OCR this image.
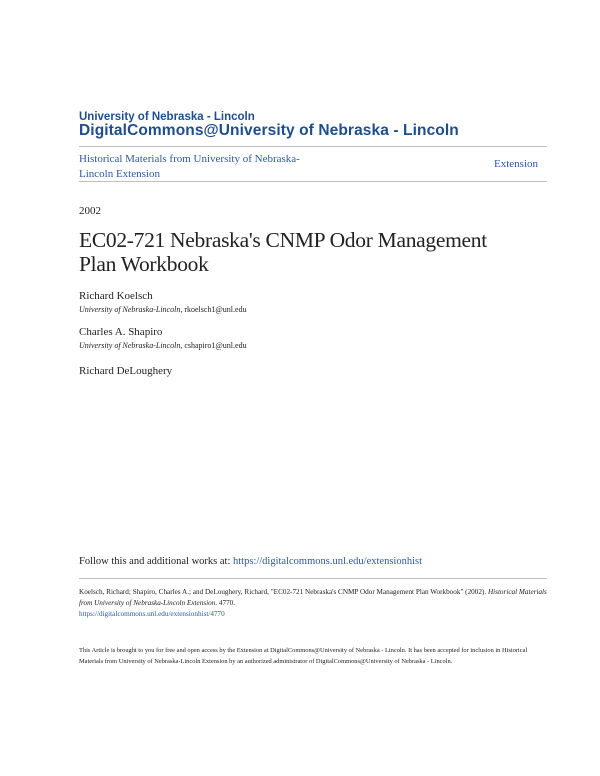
University of Nebraska - Lincoln
DigitalCommons@University of Nebraska - Lincoln
Historical Materials from University of Nebraska-
Lincoln Extension
Extension
2002
EC02-721 Nebraska's CNMP Odor Management
Plan Workbook
Richard Koelsch
University of Nebraska-Lincoln, rkoelsch1@unl.edu
Charles A. Shapiro
University of Nebraska-Lincoln, cshapiro1@unl.edu
Richard DeLoughery
Follow this and additional works at: https://digitalcommons.unl.edu/extensionhist
Koelsch, Richard; Shapiro, Charles A.; and DeLoughery, Richard, "EC02-721 Nebraska's CNMP Odor Management Plan Workbook" (2002). Historical Materials from University of Nebraska-Lincoln Extension. 4770.
https://digitalcommons.unl.edu/extensionhist/4770
This Article is brought to you for free and open access by the Extension at DigitalCommons@University of Nebraska - Lincoln. It has been accepted for inclusion in Historical Materials from University of Nebraska-Lincoln Extension by an authorized administrator of DigitalCommons@University of Nebraska - Lincoln.
